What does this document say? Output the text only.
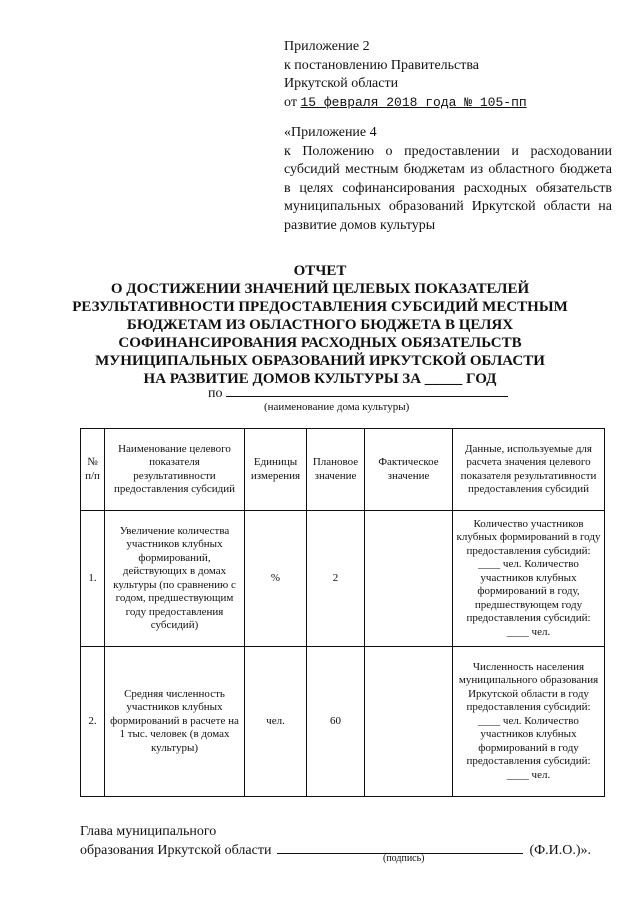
Приложение 2
к постановлению Правительства
Иркутской области
от 15 февраля 2018 года № 105-пп
«Приложение 4
к Положению о предоставлении и расходовании субсидий местным бюджетам из областного бюджета в целях софинансирования расходных обязательств муниципальных образований Иркутской области на развитие домов культуры
ОТЧЕТ
О ДОСТИЖЕНИИ ЗНАЧЕНИЙ ЦЕЛЕВЫХ ПОКАЗАТЕЛЕЙ
РЕЗУЛЬТАТИВНОСТИ ПРЕДОСТАВЛЕНИЯ СУБСИДИЙ МЕСТНЫМ
БЮДЖЕТАМ ИЗ ОБЛАСТНОГО БЮДЖЕТА В ЦЕЛЯХ
СОФИНАНСИРОВАНИЯ РАСХОДНЫХ ОБЯЗАТЕЛЬСТВ
МУНИЦИПАЛЬНЫХ ОБРАЗОВАНИЙ ИРКУТСКОЙ ОБЛАСТИ
НА РАЗВИТИЕ ДОМОВ КУЛЬТУРЫ ЗА _____ ГОД
по
(наименование дома культуры)
№ п/п	Наименование целевого показателя результативности предоставления субсидий	Единицы измерения	Плановое значение	Фактическое значение	Данные, используемые для расчета значения целевого показателя результативности предоставления субсидий
1.	Увеличение количества участников клубных формирований, действующих в домах культуры (по сравнению с годом, предшествующим году предоставления субсидий)	%	2		Количество участников клубных формирований в году предоставления субсидий: ____ чел. Количество участников клубных формирований в году, предшествующем году предоставления субсидий: ____ чел.
2.	Средняя численность участников клубных формирований в расчете на 1 тыс. человек (в домах культуры)	чел.	60		Численность населения муниципального образования Иркутской области в году предоставления субсидий: ____ чел. Количество участников клубных формирований в году предоставления субсидий: ____ чел.
Глава муниципального
образования Иркутской области	(Ф.И.О.)».
(подпись)
